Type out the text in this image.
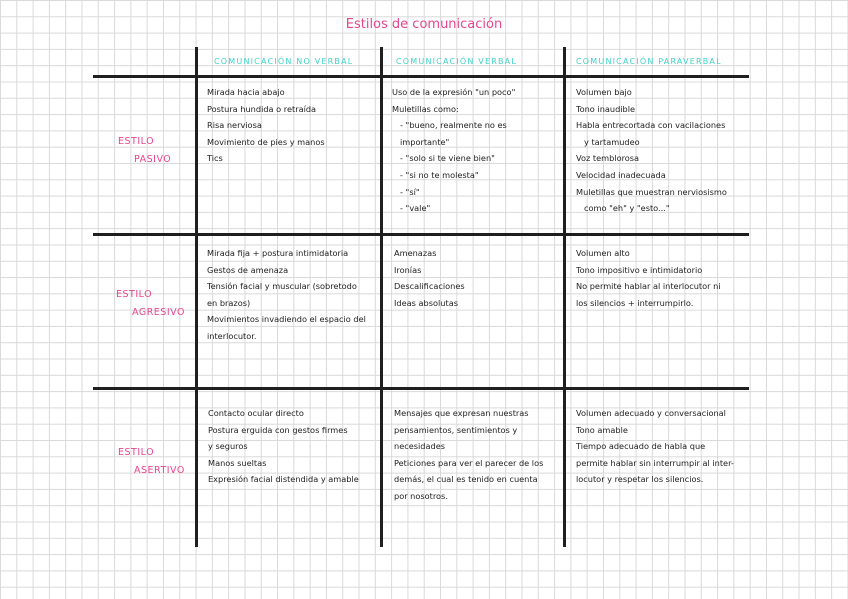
Estilos de comunicación
COMUNICACIÓN NO VERBAL	COMUNICACIÓN VERBAL	COMUNICACIÓN PARAVERBAL
ESTILO
PASIVO
ESTILO
AGRESIVO
ESTILO
ASERTIVO
Mirada hacia abajo
Postura hundida o retraída
Risa nerviosa
Movimiento de pies y manos
Tics
Uso de la expresión "un poco"
Muletillas como:
- "bueno, realmente no es
importante"
- "solo si te viene bien"
- "si no te molesta"
- "sí"
- "vale"
Volumen bajo
Tono inaudible
Habla entrecortada con vacilaciones
y tartamudeo
Voz temblorosa
Velocidad inadecuada
Muletillas que muestran nerviosismo
como "eh" y "esto..."
Mirada fija + postura intimidatoria
Gestos de amenaza
Tensión facial y muscular (sobretodo
en brazos)
Movimientos invadiendo el espacio del
interlocutor.
Amenazas
Ironías
Descalificaciones
Ideas absolutas
Volumen alto
Tono impositivo e intimidatorio
No permite hablar al interlocutor ni
los silencios + interrumpirlo.
Contacto ocular directo
Postura erguida con gestos firmes
y seguros
Manos sueltas
Expresión facial distendida y amable
Mensajes que expresan nuestras
pensamientos, sentimientos y
necesidades
Peticiones para ver el parecer de los
demás, el cual es tenido en cuenta
por nosotros.
Volumen adecuado y conversacional
Tono amable
Tiempo adecuado de habla que
permite hablar sin interrumpir al inter-
locutor y respetar los silencios.
